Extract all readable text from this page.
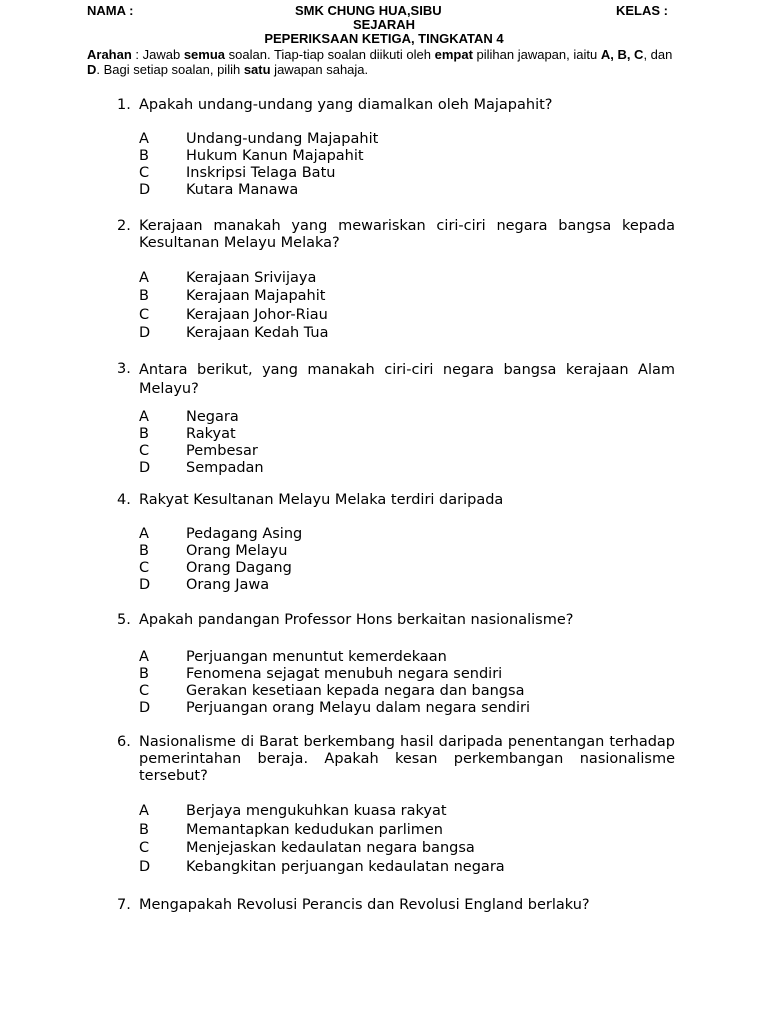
NAMA :	SMK CHUNG HUA,SIBU	KELAS :
SEJARAH
PEPERIKSAAN KETIGA, TINGKATAN 4
Arahan : Jawab semua soalan. Tiap-tiap soalan diikuti oleh empat pilihan jawapan, iaitu A, B, C, dan D. Bagi setiap soalan, pilih satu jawapan sahaja.
1. Apakah undang-undang yang diamalkan oleh Majapahit?
A	Undang-undang Majapahit
B	Hukum Kanun Majapahit
C	Inskripsi Telaga Batu
D	Kutara Manawa
2. Kerajaan manakah yang mewariskan ciri-ciri negara bangsa kepada Kesultanan Melayu Melaka?
A	Kerajaan Srivijaya
B	Kerajaan Majapahit
C	Kerajaan Johor-Riau
D	Kerajaan Kedah Tua
3. Antara berikut, yang manakah ciri-ciri negara bangsa kerajaan Alam Melayu?
A	Negara
B	Rakyat
C	Pembesar
D	Sempadan
4. Rakyat Kesultanan Melayu Melaka terdiri daripada
A	Pedagang Asing
B	Orang Melayu
C	Orang Dagang
D	Orang Jawa
5. Apakah pandangan Professor Hons berkaitan nasionalisme?
A	Perjuangan menuntut kemerdekaan
B	Fenomena sejagat menubuh negara sendiri
C	Gerakan kesetiaan kepada negara dan bangsa
D	Perjuangan orang Melayu dalam negara sendiri
6. Nasionalisme di Barat berkembang hasil daripada penentangan terhadap pemerintahan beraja. Apakah kesan perkembangan nasionalisme tersebut?
A	Berjaya mengukuhkan kuasa rakyat
B	Memantapkan kedudukan parlimen
C	Menjejaskan kedaulatan negara bangsa
D	Kebangkitan perjuangan kedaulatan negara
7. Mengapakah Revolusi Perancis dan Revolusi England berlaku?
